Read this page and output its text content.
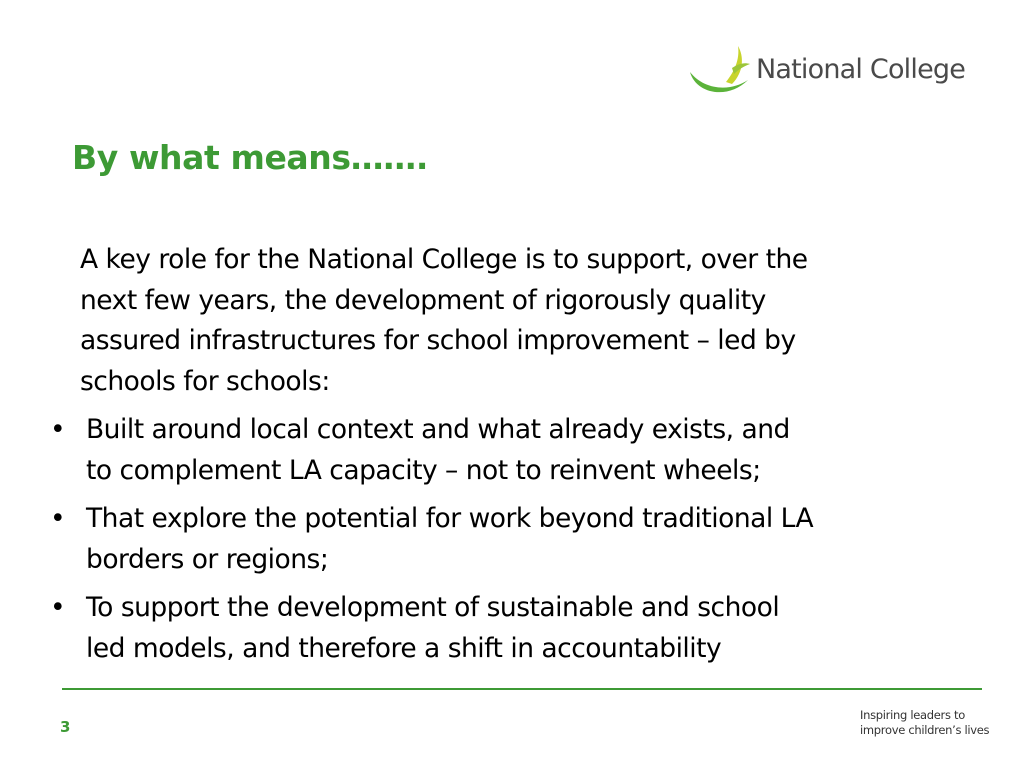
National College
By what means…….

A key role for the National College is to support, over the
next few years, the development of rigorously quality
assured infrastructures for school improvement – led by
schools for schools:

• Built around local context and what already exists, and
to complement LA capacity – not to reinvent wheels;
• That explore the potential for work beyond traditional LA
borders or regions;
• To support the development of sustainable and school
led models, and therefore a shift in accountability
3
Inspiring leaders to
improve children’s lives
